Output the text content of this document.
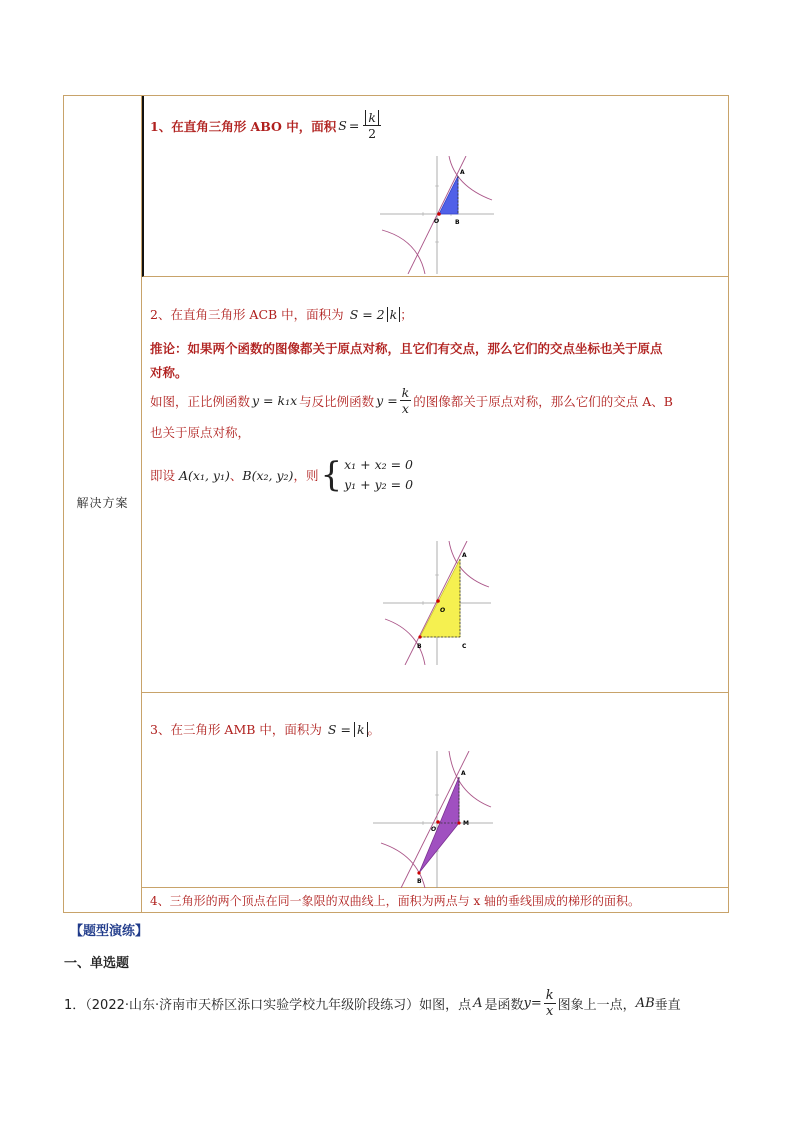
解决方案
1、在直角三角形 ABO 中，面积 $S = \frac{k}{2}$
A
O	B
2、在直角三角形 ACB 中，面积为 S = 2 k ；
推论：如果两个函数的图像都关于原点对称，且它们有交点，那么它们的交点坐标也关于原点
对称。
如图，正比例函数 y = k₁x 与反比例函数 $y = \frac{k}{x}$ 的图像都关于原点对称，那么它们的交点 A、B
也关于原点对称，
即设 A(x₁, y₁) 、 B(x₂, y₂) ，则 { x₁ + x₂ = 0
y₁ + y₂ = 0
A
O
B	C
3、在三角形 AMB 中，面积为 S = k 。
A
O
M
B
4、三角形的两个顶点在同一象限的双曲线上，面积为两点与 x 轴的垂线围成的梯形的面积。
【题型演练】
一、单选题
1．（2022·山东·济南市天桥区泺口实验学校九年级阶段练习）如图，点 A 是函数 $y= \frac{k}{x}$ 图象上一点， AB 垂直
